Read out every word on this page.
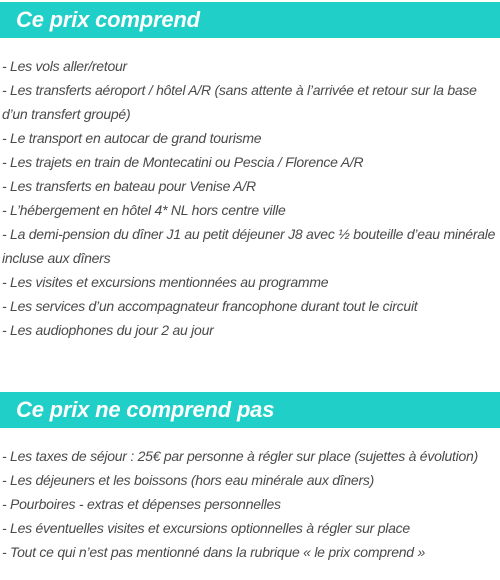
Ce prix comprend
- Les vols aller/retour
- Les transferts aéroport / hôtel A/R (sans attente à l’arrivée et retour sur la base d’un transfert groupé)
- Le transport en autocar de grand tourisme
- Les trajets en train de Montecatini ou Pescia / Florence A/R
- Les transferts en bateau pour Venise A/R
- L’hébergement en hôtel 4* NL hors centre ville
- La demi-pension du dîner J1 au petit déjeuner J8 avec ½ bouteille d’eau minérale incluse aux dîners
- Les visites et excursions mentionnées au programme
- Les services d’un accompagnateur francophone durant tout le circuit
- Les audiophones du jour 2 au jour
Ce prix ne comprend pas
- Les taxes de séjour : 25€ par personne à régler sur place (sujettes à évolution)
- Les déjeuners et les boissons (hors eau minérale aux dîners)
- Pourboires - extras et dépenses personnelles
- Les éventuelles visites et excursions optionnelles à régler sur place
- Tout ce qui n’est pas mentionné dans la rubrique « le prix comprend »
